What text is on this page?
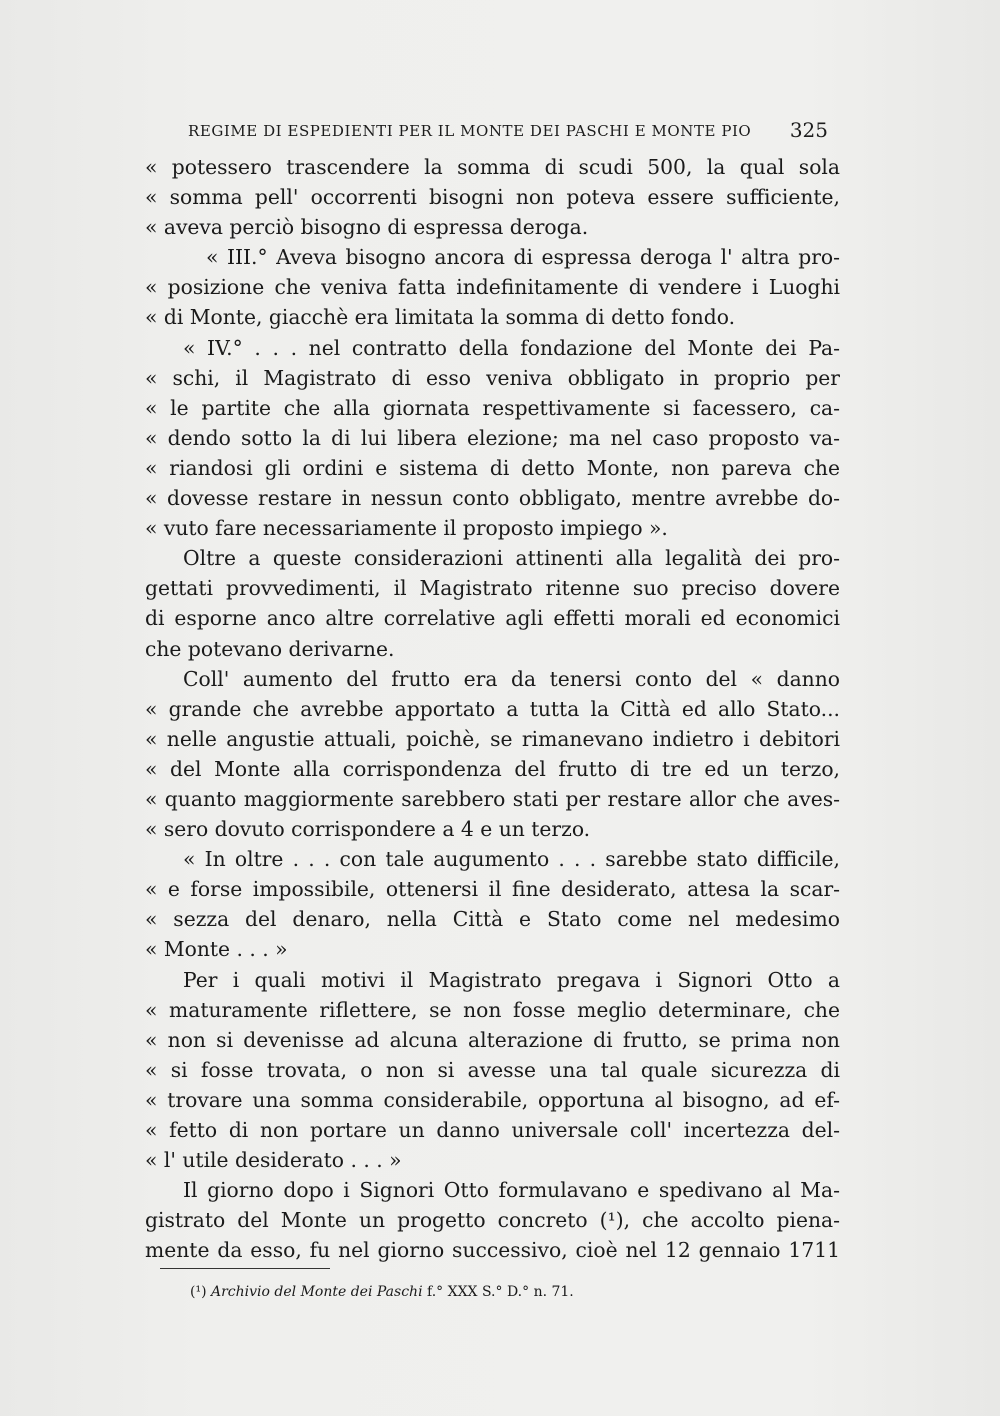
REGIME DI ESPEDIENTI PER IL MONTE DEI PASCHI E MONTE PIO 325
« potessero trascendere la somma di scudi 500, la qual sola
« somma pell' occorrenti bisogni non poteva essere sufficiente,
« aveva perciò bisogno di espressa deroga.
« III.° Aveva bisogno ancora di espressa deroga l' altra pro-
« posizione che veniva fatta indefinitamente di vendere i Luoghi
« di Monte, giacchè era limitata la somma di detto fondo.
« IV.° . . . nel contratto della fondazione del Monte dei Pa-
« schi, il Magistrato di esso veniva obbligato in proprio per
« le partite che alla giornata respettivamente si facessero, ca-
« dendo sotto la di lui libera elezione; ma nel caso proposto va-
« riandosi gli ordini e sistema di detto Monte, non pareva che
« dovesse restare in nessun conto obbligato, mentre avrebbe do-
« vuto fare necessariamente il proposto impiego ».
Oltre a queste considerazioni attinenti alla legalità dei pro-
gettati provvedimenti, il Magistrato ritenne suo preciso dovere
di esporne anco altre correlative agli effetti morali ed economici
che potevano derivarne.
Coll' aumento del frutto era da tenersi conto del « danno
« grande che avrebbe apportato a tutta la Città ed allo Stato...
« nelle angustie attuali, poichè, se rimanevano indietro i debitori
« del Monte alla corrispondenza del frutto di tre ed un terzo,
« quanto maggiormente sarebbero stati per restare allor che aves-
« sero dovuto corrispondere a 4 e un terzo.
« In oltre . . . con tale augumento . . . sarebbe stato difficile,
« e forse impossibile, ottenersi il fine desiderato, attesa la scar-
« sezza del denaro, nella Città e Stato come nel medesimo
« Monte . . . »
Per i quali motivi il Magistrato pregava i Signori Otto a
« maturamente riflettere, se non fosse meglio determinare, che
« non si devenisse ad alcuna alterazione di frutto, se prima non
« si fosse trovata, o non si avesse una tal quale sicurezza di
« trovare una somma considerabile, opportuna al bisogno, ad ef-
« fetto di non portare un danno universale coll' incertezza del-
« l' utile desiderato . . . »
Il giorno dopo i Signori Otto formulavano e spedivano al Ma-
gistrato del Monte un progetto concreto (¹), che accolto piena-
mente da esso, fu nel giorno successivo, cioè nel 12 gennaio 1711
(¹) Archivio del Monte dei Paschi f.° XXX S.° D.° n. 71.
